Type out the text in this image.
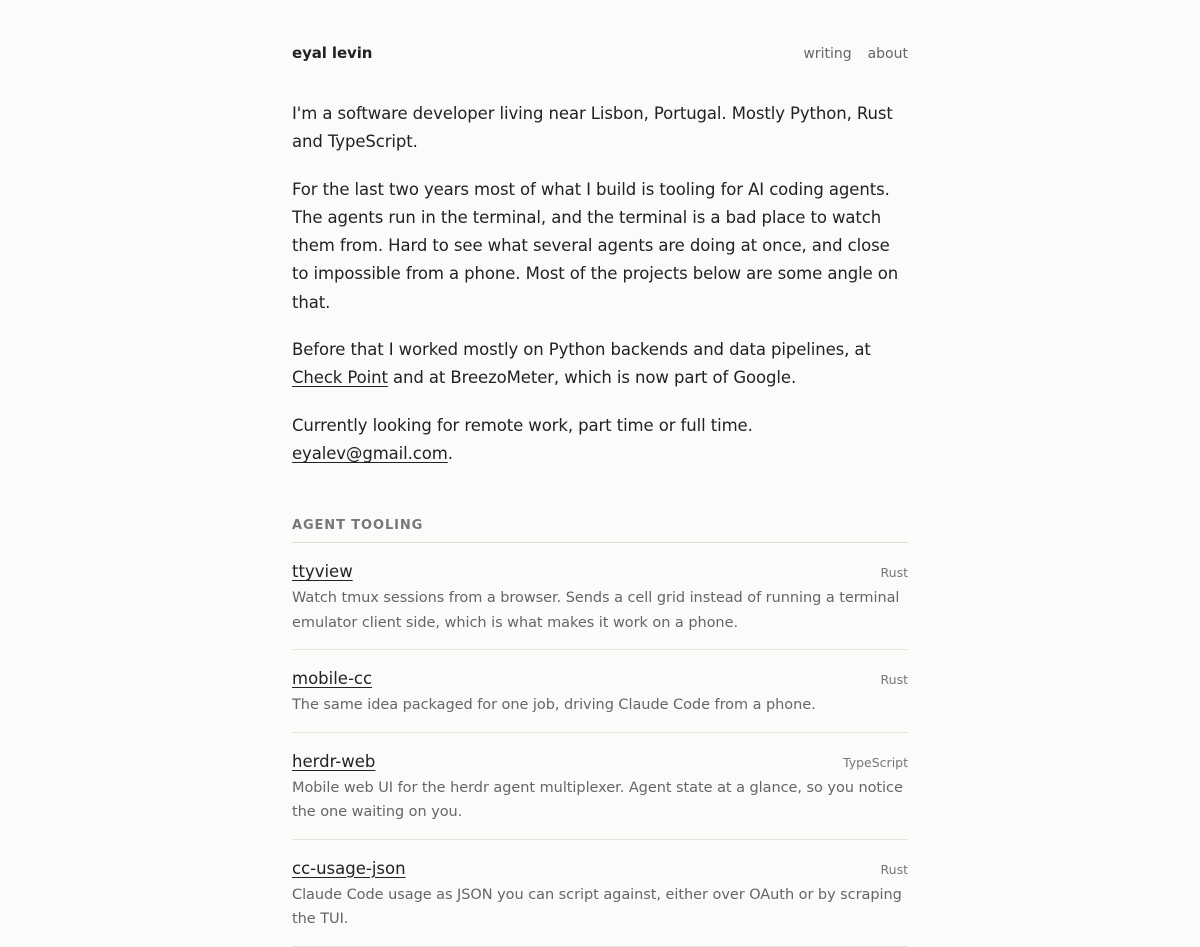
eyal levin	writing about

I'm a software developer living near Lisbon, Portugal. Mostly Python, Rust and TypeScript.

For the last two years most of what I build is tooling for AI coding agents. The agents run in the terminal, and the terminal is a bad place to watch them from. Hard to see what several agents are doing at once, and close to impossible from a phone. Most of the projects below are some angle on that.

Before that I worked mostly on Python backends and data pipelines, at Check Point and at BreezoMeter, which is now part of Google.

Currently looking for remote work, part time or full time. eyalev@gmail.com.

AGENT TOOLING
ttyview	Rust
Watch tmux sessions from a browser. Sends a cell grid instead of running a terminal emulator client side, which is what makes it work on a phone.
mobile-cc	Rust
The same idea packaged for one job, driving Claude Code from a phone.
herdr-web	TypeScript
Mobile web UI for the herdr agent multiplexer. Agent state at a glance, so you notice the one waiting on you.
cc-usage-json	Rust
Claude Code usage as JSON you can script against, either over OAuth or by scraping the TUI.
